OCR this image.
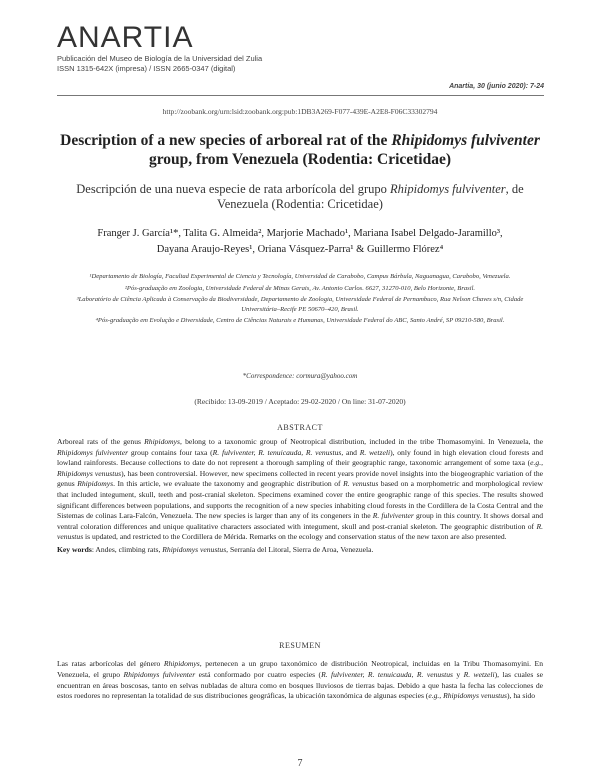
ANARTIA
Publicación del Museo de Biología de la Universidad del Zulia
ISSN 1315-642X (impresa) / ISSN 2665-0347 (digital)
Anartia, 30 (junio 2020): 7-24
http://zoobank.org/urn:lsid:zoobank.org:pub:1DB3A269-F077-439E-A2E8-F06C33302794
Description of a new species of arboreal rat of the Rhipidomys fulviventer group, from Venezuela (Rodentia: Cricetidae)
Descripción de una nueva especie de rata arborícola del grupo Rhipidomys fulviventer, de Venezuela (Rodentia: Cricetidae)
Franger J. García¹*, Talita G. Almeida², Marjorie Machado¹, Mariana Isabel Delgado-Jaramillo³,
Dayana Araujo-Reyes¹, Oriana Vásquez-Parra¹ & Guillermo Flórez⁴

¹Departamento de Biología, Facultad Experimental de Ciencia y Tecnología, Universidad de Carabobo, Campus Bárbula, Naguanagua, Carabobo, Venezuela.

²Pós-graduação em Zoologia, Universidade Federal de Minas Gerais, Av. Antonio Carlos. 6627, 31270-010, Belo Horizonte, Brasil.

³Laboratório de Ciência Aplicada à Conservação da Biodiversidade, Departamento de Zoologia, Universidade Federal de Pernambuco, Rua Nelson Chaves s/n, Cidade Universitária–Recife PE 50670–420, Brasil.

⁴Pós-graduação em Evolução e Diversidade, Centro de Ciências Naturais e Humanas, Universidade Federal do ABC, Santo André, SP 09210-580, Brasil.

*Correspondence: cormura@yahoo.com
(Recibido: 13-09-2019 / Aceptado: 29-02-2020 / On line: 31-07-2020)
ABSTRACT

Arboreal rats of the genus Rhipidomys, belong to a taxonomic group of Neotropical distribution, included in the tribe Thomasomyini. In Venezuela, the Rhipidomys fulviventer group contains four taxa (R. fulviventer, R. tenuicauda, R. venustus, and R. wetzeli), only found in high elevation cloud forests and lowland rainforests. Because collections to date do not represent a thorough sampling of their geographic range, taxonomic arrangement of some taxa (e.g., Rhipidomys venustus), has been controversial. However, new specimens collected in recent years provide novel insights into the biogeographic variation of the genus Rhipidomys. In this article, we evaluate the taxonomy and geographic distribution of R. venustus based on a morphometric and morphological review that included integument, skull, teeth and post-cranial skeleton. Specimens examined cover the entire geographic range of this species. The results showed significant differences between populations, and supports the recognition of a new species inhabiting cloud forests in the Cordillera de la Costa Central and the Sistemas de colinas Lara-Falcón, Venezuela. The new species is larger than any of its congeners in the R. fulviventer group in this country. It shows dorsal and ventral coloration differences and unique qualitative characters associated with integument, skull and post-cranial skeleton. The geographic distribution of R. venustus is updated, and restricted to the Cordillera de Mérida. Remarks on the ecology and conservation status of the new taxon are also presented.

Key words: Andes, climbing rats, Rhipidomys venustus, Serranía del Litoral, Sierra de Aroa, Venezuela.

RESUMEN

Las ratas arborícolas del género Rhipidomys, pertenecen a un grupo taxonómico de distribución Neotropical, incluidas en la Tribu Thomasomyini. En Venezuela, el grupo Rhipidomys fulviventer está conformado por cuatro especies (R. fulviventer, R. tenuicauda, R. venustus y R. wetzeli), las cuales se encuentran en áreas boscosas, tanto en selvas nubladas de altura como en bosques lluviosos de tierras bajas. Debido a que hasta la fecha las colecciones de estos roedores no representan la totalidad de sus distribuciones geográficas, la ubicación taxonómica de algunas especies (e.g., Rhipidomys venustus), ha sido

7
